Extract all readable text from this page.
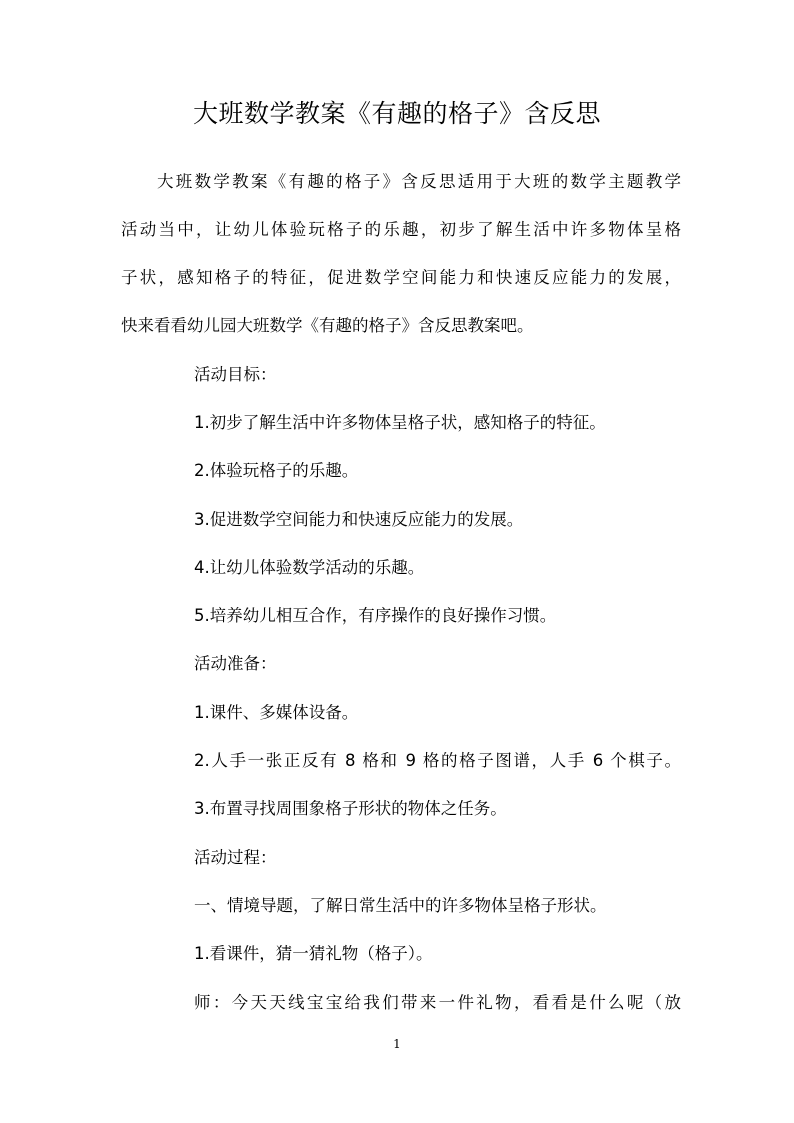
大班数学教案《有趣的格子》含反思
大班数学教案《有趣的格子》含反思适用于大班的数学主题教学
活动当中，让幼儿体验玩格子的乐趣，初步了解生活中许多物体呈格
子状，感知格子的特征，促进数学空间能力和快速反应能力的发展，
快来看看幼儿园大班数学《有趣的格子》含反思教案吧。
活动目标：
1.初步了解生活中许多物体呈格子状，感知格子的特征。
2.体验玩格子的乐趣。
3.促进数学空间能力和快速反应能力的发展。
4.让幼儿体验数学活动的乐趣。
5.培养幼儿相互合作，有序操作的良好操作习惯。
活动准备：
1.课件、多媒体设备。
2.人手一张正反有 8 格和 9 格的格子图谱，人手 6 个棋子。
3.布置寻找周围象格子形状的物体之任务。
活动过程：
一、情境导题，了解日常生活中的许多物体呈格子形状。
1.看课件，猜一猜礼物（格子）。
师：今天天线宝宝给我们带来一件礼物，看看是什么呢（放
1
